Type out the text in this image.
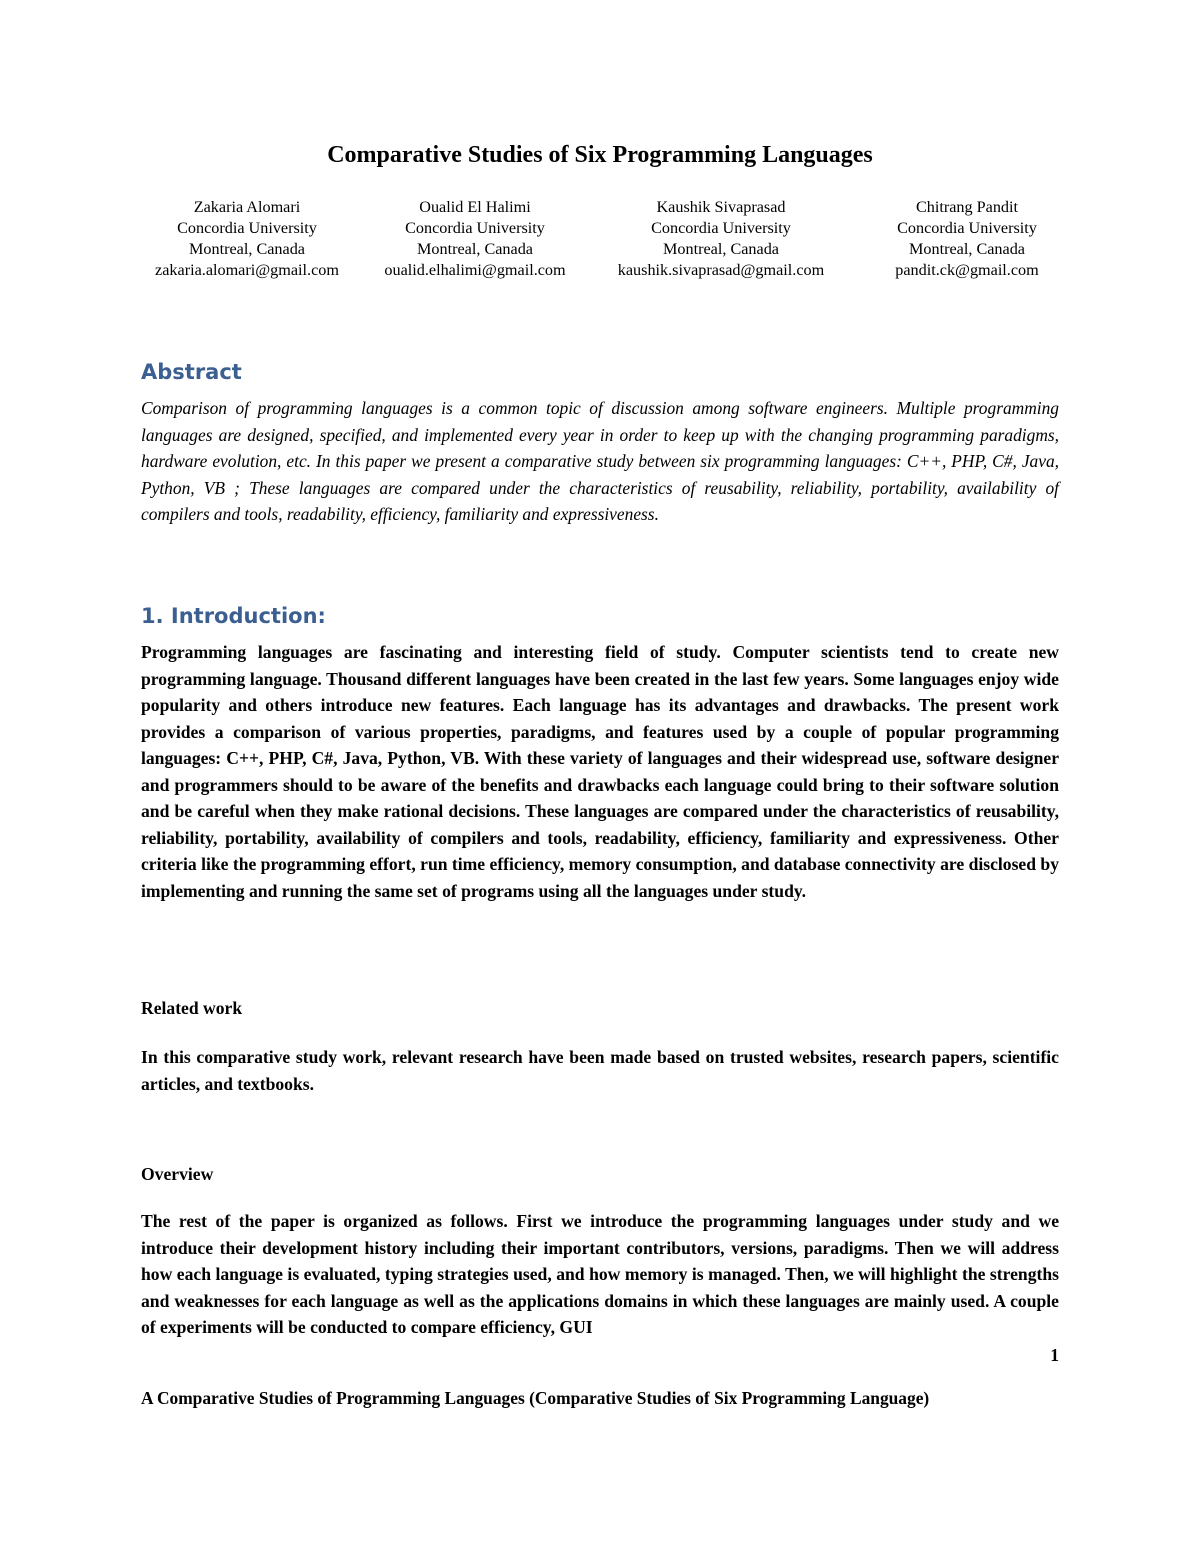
Comparative Studies of Six Programming Languages
Zakaria Alomari
Concordia University
Montreal, Canada
zakaria.alomari@gmail.com
Oualid El Halimi
Concordia University
Montreal, Canada
oualid.elhalimi@gmail.com
Kaushik Sivaprasad
Concordia University
Montreal, Canada
kaushik.sivaprasad@gmail.com
Chitrang Pandit
Concordia University
Montreal, Canada
pandit.ck@gmail.com
Abstract
Comparison of programming languages is a common topic of discussion among software engineers. Multiple programming languages are designed, specified, and implemented every year in order to keep up with the changing programming paradigms, hardware evolution, etc. In this paper we present a comparative study between six programming languages: C++, PHP, C#, Java, Python, VB ; These languages are compared under the characteristics of reusability, reliability, portability, availability of compilers and tools, readability, efficiency, familiarity and expressiveness.
1. Introduction:
Programming languages are fascinating and interesting field of study. Computer scientists tend to create new programming language. Thousand different languages have been created in the last few years. Some languages enjoy wide popularity and others introduce new features. Each language has its advantages and drawbacks. The present work provides a comparison of various properties, paradigms, and features used by a couple of popular programming languages: C++, PHP, C#, Java, Python, VB. With these variety of languages and their widespread use, software designer and programmers should to be aware of the benefits and drawbacks each language could bring to their software solution and be careful when they make rational decisions. These languages are compared under the characteristics of reusability, reliability, portability, availability of compilers and tools, readability, efficiency, familiarity and expressiveness. Other criteria like the programming effort, run time efficiency, memory consumption, and database connectivity are disclosed by implementing and running the same set of programs using all the languages under study.
Related work
In this comparative study work, relevant research have been made based on trusted websites, research papers, scientific articles, and textbooks.
Overview
The rest of the paper is organized as follows. First we introduce the programming languages under study and we introduce their development history including their important contributors, versions, paradigms. Then we will address how each language is evaluated, typing strategies used, and how memory is managed. Then, we will highlight the strengths and weaknesses for each language as well as the applications domains in which these languages are mainly used. A couple of experiments will be conducted to compare efficiency, GUI
1
A Comparative Studies of Programming Languages (Comparative Studies of Six Programming Language)
